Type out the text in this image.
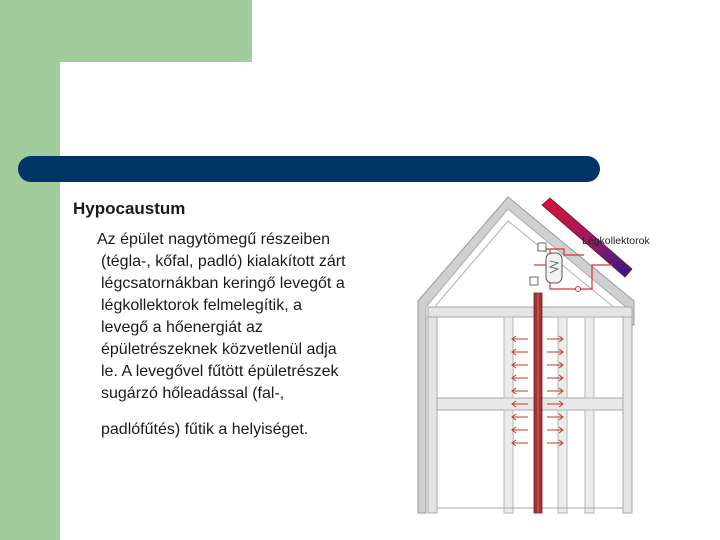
Hypocaustum
Az épület nagytömegű részeiben
(tégla-, kőfal, padló) kialakított zárt
légcsatornákban keringő levegőt a
légkollektorok felmelegítik, a
levegő a hőenergiát az
épületrészeknek közvetlenül adja
le. A levegővel fűtött épületrészek
sugárzó hőleadással (fal-,
padlófűtés) fűtik a helyiséget.
Légkollektorok
